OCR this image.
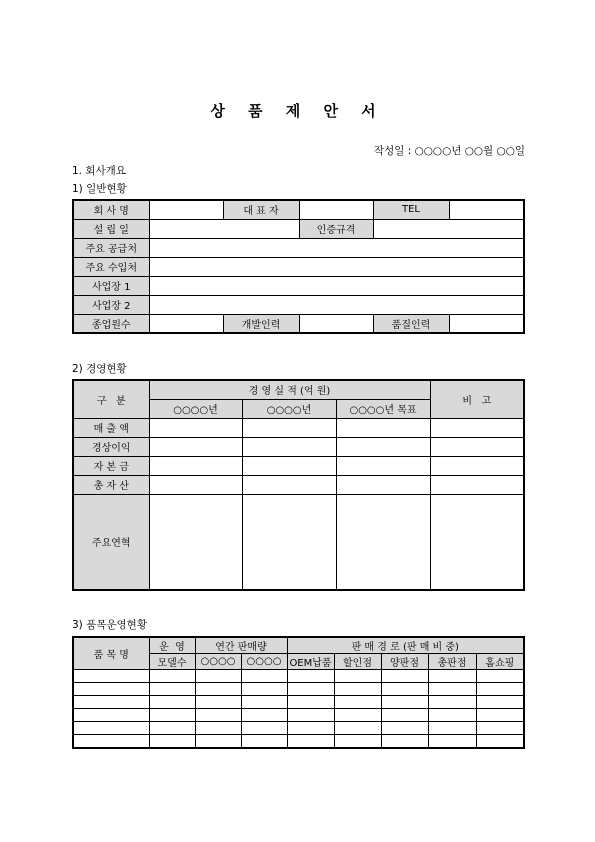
상 품 제 안 서
작성일 : ○○○○년 ○○월 ○○일
1. 회사개요
1) 일반현황
회 사 명		대 표 자		TEL	
설 립 일			인증규격		
주요 공급처					
주요 수입처					
사업장 1					
사업장 2					
종업원수		개발인력		품질인력	
2) 경영현황
구   분	경 영 실 적 (억 원)			비   고
	○○○○년	○○○○년	○○○○년 목표	
매 출 액				
경상이익				
자 본 금				
총 자 산				
주요연혁				
3) 품목운영현황
품 목 명	운  영	연간 판매량		판 매 경 로 (판 매 비 중)				
	모델수	○○○○	○○○○	OEM납품	할인점	양판점	총판점	홈쇼핑
